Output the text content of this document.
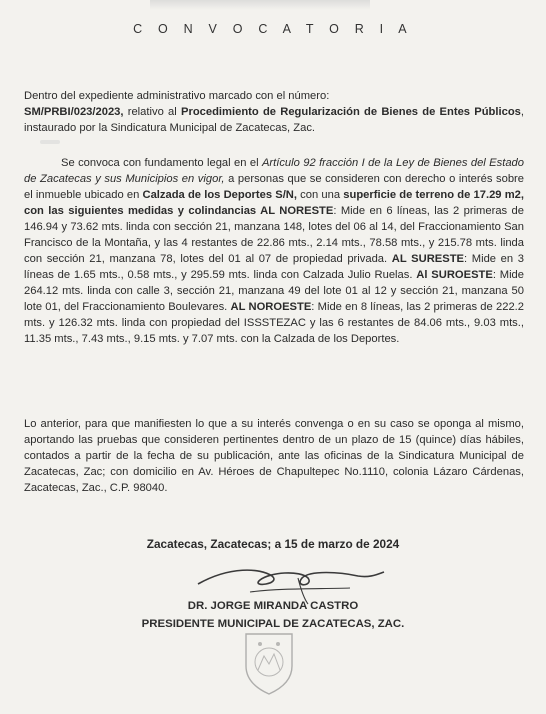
C O N V O C A T O R I A

Dentro del expediente administrativo marcado con el número:
SM/PRBI/023/2023, relativo al Procedimiento de Regularización de Bienes de Entes Públicos, instaurado por la Sindicatura Municipal de Zacatecas, Zac.

Se convoca con fundamento legal en el Artículo 92 fracción I de la Ley de Bienes del Estado de Zacatecas y sus Municipios en vigor, a personas que se consideren con derecho o interés sobre el inmueble ubicado en Calzada de los Deportes S/N, con una superficie de terreno de 17.29 m2, con las siguientes medidas y colindancias AL NORESTE: Mide en 6 líneas, las 2 primeras de 146.94 y 73.62 mts. linda con sección 21, manzana 148, lotes del 06 al 14, del Fraccionamiento San Francisco de la Montaña, y las 4 restantes de 22.86 mts., 2.14 mts., 78.58 mts., y 215.78 mts. linda con sección 21, manzana 78, lotes del 01 al 07 de propiedad privada. AL SURESTE: Mide en 3 líneas de 1.65 mts., 0.58 mts., y 295.59 mts. linda con Calzada Julio Ruelas. Al SUROESTE: Mide 264.12 mts. linda con calle 3, sección 21, manzana 49 del lote 01 al 12 y sección 21, manzana 50 lote 01, del Fraccionamiento Boulevares. AL NOROESTE: Mide en 8 líneas, las 2 primeras de 222.2 mts. y 126.32 mts. linda con propiedad del ISSSTEZAC y las 6 restantes de 84.06 mts., 9.03 mts., 11.35 mts., 7.43 mts., 9.15 mts. y 7.07 mts. con la Calzada de los Deportes.

Lo anterior, para que manifiesten lo que a su interés convenga o en su caso se oponga al mismo, aportando las pruebas que consideren pertinentes dentro de un plazo de 15 (quince) días hábiles, contados a partir de la fecha de su publicación, ante las oficinas de la Sindicatura Municipal de Zacatecas, Zac; con domicilio en Av. Héroes de Chapultepec No.1110, colonia Lázaro Cárdenas, Zacatecas, Zac., C.P. 98040.

Zacatecas, Zacatecas; a 15 de marzo de 2024
DR. JORGE MIRANDA CASTRO
PRESIDENTE MUNICIPAL DE ZACATECAS, ZAC.
